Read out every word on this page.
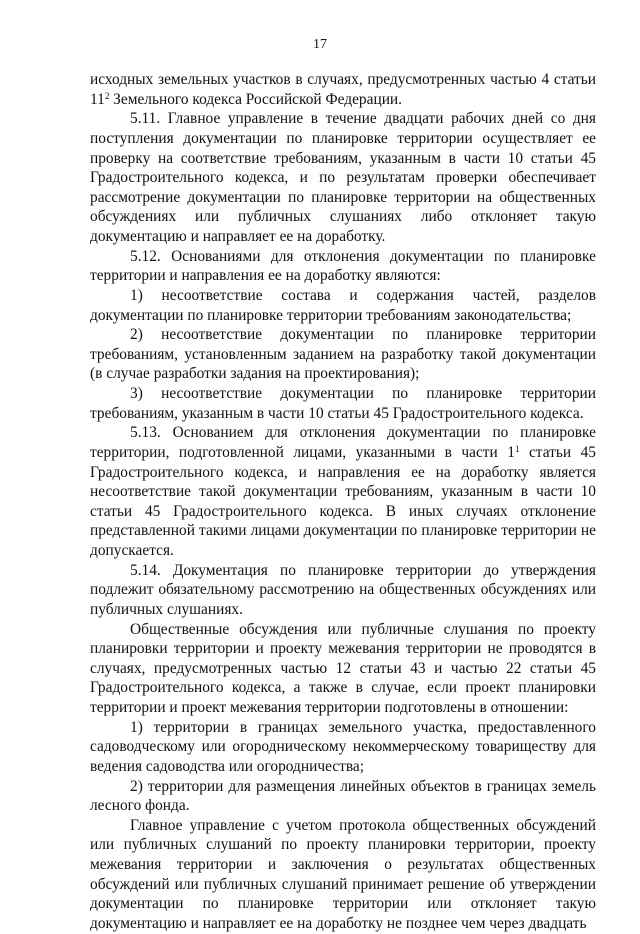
17

исходных земельных участков в случаях, предусмотренных частью 4 статьи $11^2$ Земельного кодекса Российской Федерации.

5.11. Главное управление в течение двадцати рабочих дней со дня поступления документации по планировке территории осуществляет ее проверку на соответствие требованиям, указанным в части 10 статьи 45 Градостроительного кодекса, и по результатам проверки обеспечивает рассмотрение документации по планировке территории на общественных обсуждениях или публичных слушаниях либо отклоняет такую документацию и направляет ее на доработку.

5.12. Основаниями для отклонения документации по планировке территории и направления ее на доработку являются:

1) несоответствие состава и содержания частей, разделов документации по планировке территории требованиям законодательства;

2) несоответствие документации по планировке территории требованиям, установленным заданием на разработку такой документации (в случае разработки задания на проектирования);

3) несоответствие документации по планировке территории требованиям, указанным в части 10 статьи 45 Градостроительного кодекса.

5.13. Основанием для отклонения документации по планировке территории, подготовленной лицами, указанными в части $1^1$ статьи 45 Градостроительного кодекса, и направления ее на доработку является несоответствие такой документации требованиям, указанным в части 10 статьи 45 Градостроительного кодекса. В иных случаях отклонение представленной такими лицами документации по планировке территории не допускается.

5.14. Документация по планировке территории до утверждения подлежит обязательному рассмотрению на общественных обсуждениях или публичных слушаниях.

Общественные обсуждения или публичные слушания по проекту планировки территории и проекту межевания территории не проводятся в случаях, предусмотренных частью 12 статьи 43 и частью 22 статьи 45 Градостроительного кодекса, а также в случае, если проект планировки территории и проект межевания территории подготовлены в отношении:

1) территории в границах земельного участка, предоставленного садоводческому или огородническому некоммерческому товариществу для ведения садоводства или огородничества;

2) территории для размещения линейных объектов в границах земель лесного фонда.

Главное управление с учетом протокола общественных обсуждений или публичных слушаний по проекту планировки территории, проекту межевания территории и заключения о результатах общественных обсуждений или публичных слушаний принимает решение об утверждении документации по планировке территории или отклоняет такую документацию и направляет ее на доработку не позднее чем через двадцать
